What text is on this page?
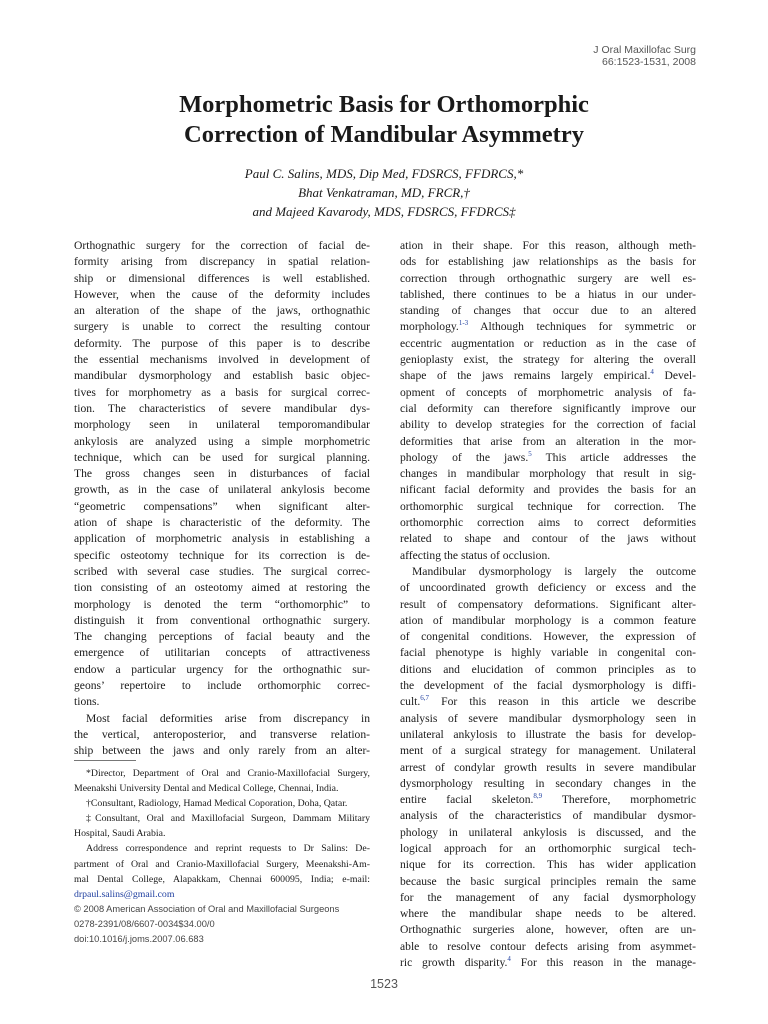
J Oral Maxillofac Surg
66:1523-1531, 2008
Morphometric Basis for Orthomorphic
Correction of Mandibular Asymmetry
Paul C. Salins, MDS, Dip Med, FDSRCS, FFDRCS,*
Bhat Venkatraman, MD, FRCR,†
and Majeed Kavarody, MDS, FDSRCS, FFDRCS‡

Orthognathic surgery for the correction of facial de-

formity arising from discrepancy in spatial relation-

ship or dimensional differences is well established.

However, when the cause of the deformity includes

an alteration of the shape of the jaws, orthognathic

surgery is unable to correct the resulting contour

deformity. The purpose of this paper is to describe

the essential mechanisms involved in development of

mandibular dysmorphology and establish basic objec-

tives for morphometry as a basis for surgical correc-

tion. The characteristics of severe mandibular dys-

morphology seen in unilateral temporomandibular

ankylosis are analyzed using a simple morphometric

technique, which can be used for surgical planning.

The gross changes seen in disturbances of facial

growth, as in the case of unilateral ankylosis become

“geometric compensations” when significant alter-

ation of shape is characteristic of the deformity. The

application of morphometric analysis in establishing a

specific osteotomy technique for its correction is de-

scribed with several case studies. The surgical correc-

tion consisting of an osteotomy aimed at restoring the

morphology is denoted the term “orthomorphic” to

distinguish it from conventional orthognathic surgery.

The changing perceptions of facial beauty and the

emergence of utilitarian concepts of attractiveness

endow a particular urgency for the orthognathic sur-

geons’ repertoire to include orthomorphic correc-

tions.

Most facial deformities arise from discrepancy in

the vertical, anteroposterior, and transverse relation-

ship between the jaws and only rarely from an alter-

ation in their shape. For this reason, although meth-

ods for establishing jaw relationships as the basis for

correction through orthognathic surgery are well es-

tablished, there continues to be a hiatus in our under-

standing of changes that occur due to an altered

morphology.$^{1-3}$ Although techniques for symmetric or

eccentric augmentation or reduction as in the case of

genioplasty exist, the strategy for altering the overall

shape of the jaws remains largely empirical.$^4$ Devel-

opment of concepts of morphometric analysis of fa-

cial deformity can therefore significantly improve our

ability to develop strategies for the correction of facial

deformities that arise from an alteration in the mor-

phology of the jaws.$^5$ This article addresses the

changes in mandibular morphology that result in sig-

nificant facial deformity and provides the basis for an

orthomorphic surgical technique for correction. The

orthomorphic correction aims to correct deformities

related to shape and contour of the jaws without

affecting the status of occlusion.

Mandibular dysmorphology is largely the outcome

of uncoordinated growth deficiency or excess and the

result of compensatory deformations. Significant alter-

ation of mandibular morphology is a common feature

of congenital conditions. However, the expression of

facial phenotype is highly variable in congenital con-

ditions and elucidation of common principles as to

the development of the facial dysmorphology is diffi-

cult.$^{6,7}$ For this reason in this article we describe

analysis of severe mandibular dysmorphology seen in

unilateral ankylosis to illustrate the basis for develop-

ment of a surgical strategy for management. Unilateral

arrest of condylar growth results in severe mandibular

dysmorphology resulting in secondary changes in the

entire facial skeleton.$^{8,9}$ Therefore, morphometric

analysis of the characteristics of mandibular dysmor-

phology in unilateral ankylosis is discussed, and the

logical approach for an orthomorphic surgical tech-

nique for its correction. This has wider application

because the basic surgical principles remain the same

for the management of any facial dysmorphology

where the mandibular shape needs to be altered.

Orthognathic surgeries alone, however, often are un-

able to resolve contour defects arising from asymmet-

ric growth disparity.$^4$ For this reason in the manage-

*Director, Department of Oral and Cranio-Maxillofacial Surgery,

Meenakshi University Dental and Medical College, Chennai, India.

†Consultant, Radiology, Hamad Medical Coporation, Doha, Qatar.

‡Consultant, Oral and Maxillofacial Surgeon, Dammam Military

Hospital, Saudi Arabia.

Address correspondence and reprint requests to Dr Salins: De-

partment of Oral and Cranio-Maxillofacial Surgery, Meenakshi-Am-

mal Dental College, Alapakkam, Chennai 600095, India; e-mail:

drpaul.salins@gmail.com

© 2008 American Association of Oral and Maxillofacial Surgeons

0278-2391/08/6607-0034$34.00/0

doi:10.1016/j.joms.2007.06.683

1523
